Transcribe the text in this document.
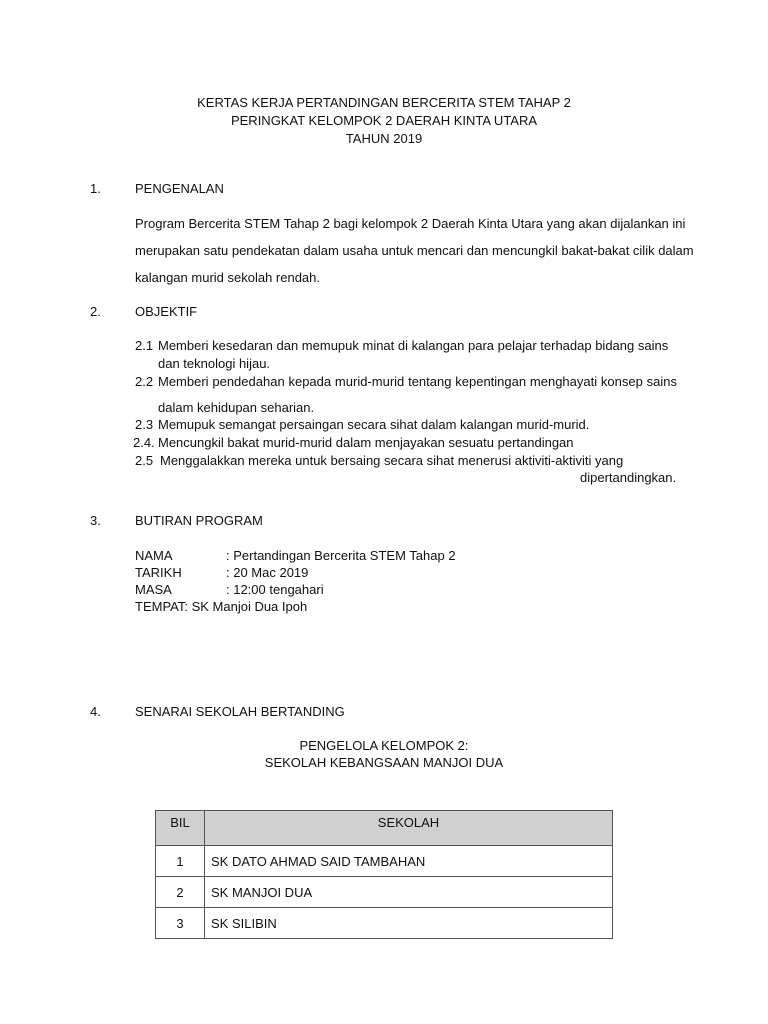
KERTAS KERJA PERTANDINGAN BERCERITA STEM TAHAP 2
PERINGKAT KELOMPOK 2 DAERAH KINTA UTARA
TAHUN 2019
1.	PENGENALAN
Program Bercerita STEM Tahap 2 bagi kelompok 2 Daerah Kinta Utara yang akan dijalankan ini
merupakan satu pendekatan dalam usaha untuk mencari dan mencungkil bakat-bakat cilik dalam
kalangan murid sekolah rendah.
2.	OBJEKTIF
2.1 Memberi kesedaran dan memupuk minat di kalangan para pelajar terhadap bidang sains
dan teknologi hijau.
2.2 Memberi pendedahan kepada murid-murid tentang kepentingan menghayati konsep sains
dalam kehidupan seharian.
2.3 Memupuk semangat persaingan secara sihat dalam kalangan murid-murid.
2.4. Mencungkil bakat murid-murid dalam menjayakan sesuatu pertandingan
2.5 Menggalakkan mereka untuk bersaing secara sihat menerusi aktiviti-aktiviti yang
dipertandingkan.
3.	BUTIRAN PROGRAM
NAMA	: Pertandingan Bercerita STEM Tahap 2
TARIKH	: 20 Mac 2019
MASA	: 12:00 tengahari
TEMPAT: SK Manjoi Dua Ipoh
4.	SENARAI SEKOLAH BERTANDING
PENGELOLA KELOMPOK 2:
SEKOLAH KEBANGSAAN MANJOI DUA
BIL	SEKOLAH
1	SK DATO AHMAD SAID TAMBAHAN
2	SK MANJOI DUA
3	SK SILIBIN
